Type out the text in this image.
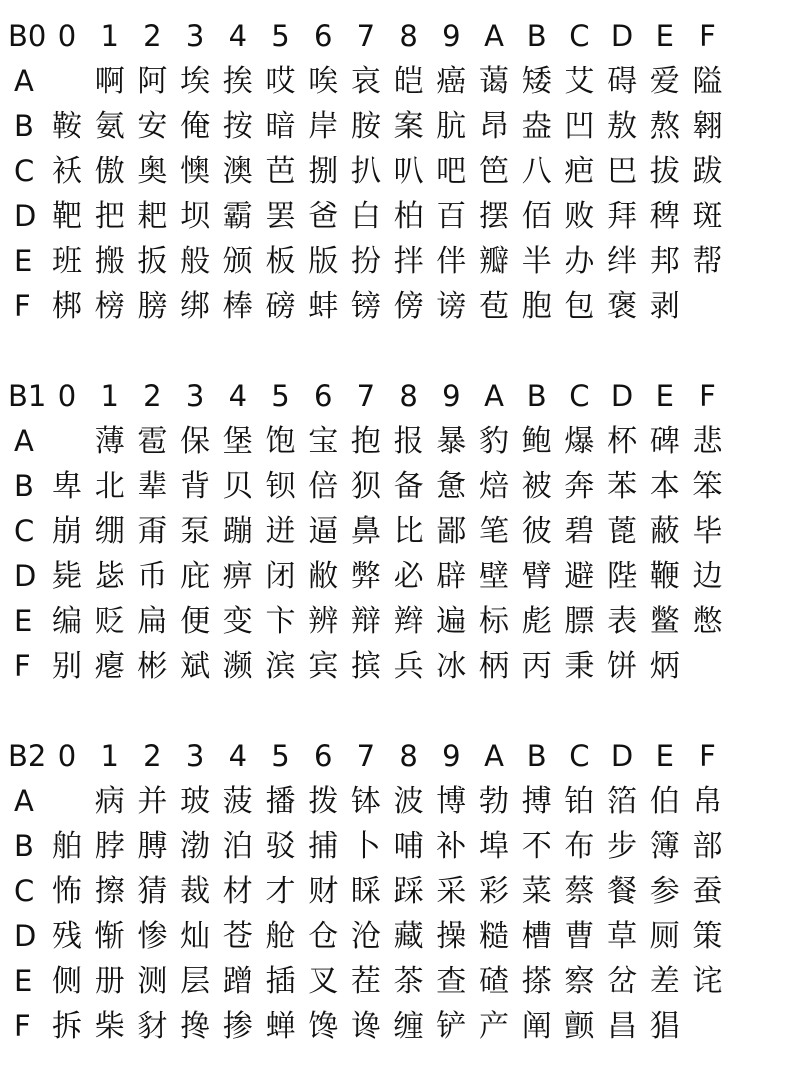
B0 0 1 2 3 4 5 6 7 8 9 A B C D E F
A 啊 阿 埃 挨 哎 唉 哀 皑 癌 蔼 矮 艾 碍 爱 隘
B 鞍 氨 安 俺 按 暗 岸 胺 案 肮 昂 盎 凹 敖 熬 翱
C 袄 傲 奥 懊 澳 芭 捌 扒 叭 吧 笆 八 疤 巴 拔 跋
D 靶 把 耙 坝 霸 罢 爸 白 柏 百 摆 佰 败 拜 稗 斑
E 班 搬 扳 般 颁 板 版 扮 拌 伴 瓣 半 办 绊 邦 帮
F 梆 榜 膀 绑 棒 磅 蚌 镑 傍 谤 苞 胞 包 褒 剥
B1 0 1 2 3 4 5 6 7 8 9 A B C D E F
A 薄 雹 保 堡 饱 宝 抱 报 暴 豹 鲍 爆 杯 碑 悲
B 卑 北 辈 背 贝 钡 倍 狈 备 惫 焙 被 奔 苯 本 笨
C 崩 绷 甭 泵 蹦 迸 逼 鼻 比 鄙 笔 彼 碧 蓖 蔽 毕
D 毙 毖 币 庇 痹 闭 敝 弊 必 辟 壁 臂 避 陛 鞭 边
E 编 贬 扁 便 变 卞 辨 辩 辫 遍 标 彪 膘 表 鳖 憋
F 别 瘪 彬 斌 濒 滨 宾 摈 兵 冰 柄 丙 秉 饼 炳
B2 0 1 2 3 4 5 6 7 8 9 A B C D E F
A 病 并 玻 菠 播 拨 钵 波 博 勃 搏 铂 箔 伯 帛
B 舶 脖 膊 渤 泊 驳 捕 卜 哺 补 埠 不 布 步 簿 部
C 怖 擦 猜 裁 材 才 财 睬 踩 采 彩 菜 蔡 餐 参 蚕
D 残 惭 惨 灿 苍 舱 仓 沧 藏 操 糙 槽 曹 草 厕 策
E 侧 册 测 层 蹭 插 叉 茬 茶 查 碴 搽 察 岔 差 诧
F 拆 柴 豺 搀 掺 蝉 馋 谗 缠 铲 产 阐 颤 昌 猖
